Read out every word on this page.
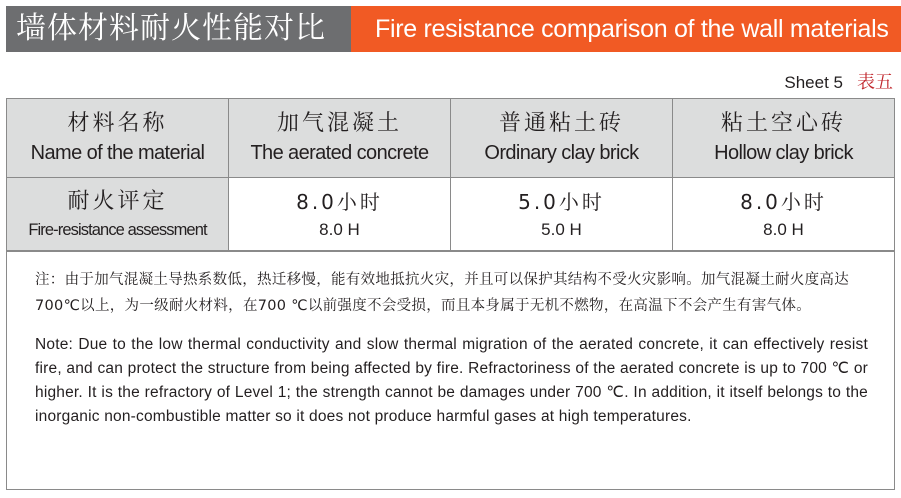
墙体材料耐火性能对比	Fire resistance comparison of the wall materials
Sheet 5 表五
材料名称
Name of the material
加气混凝土
The aerated concrete
普通粘土砖
Ordinary clay brick
粘土空心砖
Hollow clay brick
耐火评定
Fire-resistance assessment
8.0小时
8.0 H
5.0小时
5.0 H
8.0小时
8.0 H

注：由于加气混凝土导热系数低，热迁移慢，能有效地抵抗火灾，并且可以保护其结构不受火灾影响。加气混凝土耐火度高达700℃以上，为一级耐火材料，在700 ℃以前强度不会受损，而且本身属于无机不燃物，在高温下不会产生有害气体。

Note: Due to the low thermal conductivity and slow thermal migration of the aerated concrete, it can effectively resist fire, and can protect the structure from being affected by fire. Refractoriness of the aerated concrete is up to 700 ℃ or higher. It is the refractory of Level 1; the strength cannot be damages under 700 ℃. In addition, it itself belongs to the inorganic non-combustible matter so it does not produce harmful gases at high temperatures.
